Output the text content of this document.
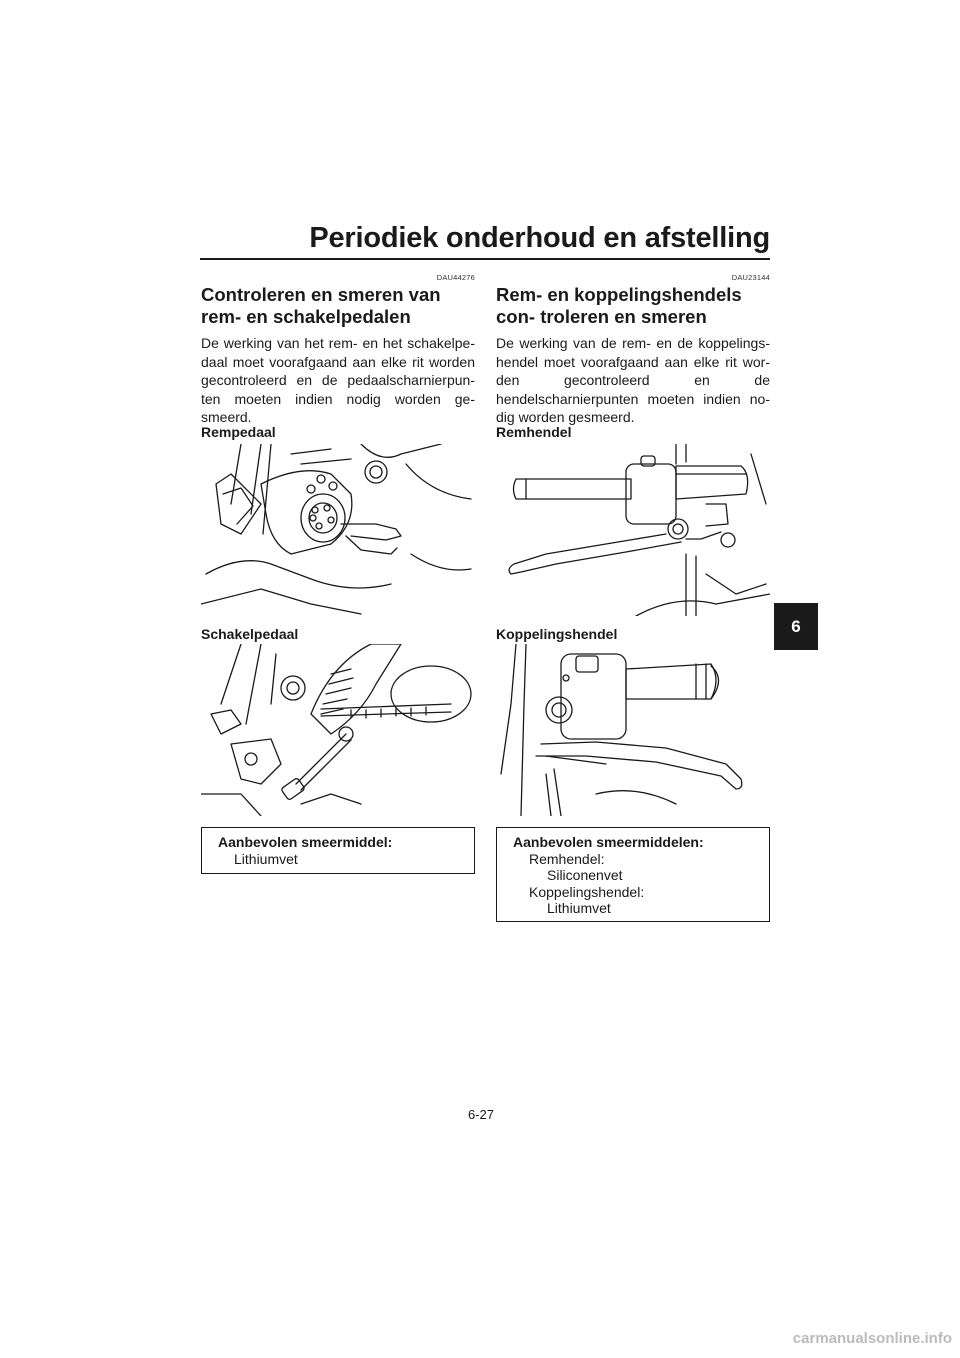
Periodiek onderhoud en afstelling
6
DAU44276
Controleren en smeren van rem- en schakelpedalen

De werking van het rem- en het schakelpe- daal moet voorafgaand aan elke rit worden gecontroleerd en de pedaalscharnierpun- ten moeten indien nodig worden ge- smeerd.

DAU23144
Rem- en koppelingshendels con- troleren en smeren

De werking van de rem- en de koppelings- hendel moet voorafgaand aan elke rit wor- den gecontroleerd en de hendelscharnierpunten moeten indien no- dig worden gesmeerd.

Rempedaal
Schakelpedaal
Remhendel
Koppelingshendel
Aanbevolen smeermiddel:
Lithiumvet
Aanbevolen smeermiddelen:
Remhendel:
Siliconenvet
Koppelingshendel:
Lithiumvet
6-27
carmanualsonline.info
